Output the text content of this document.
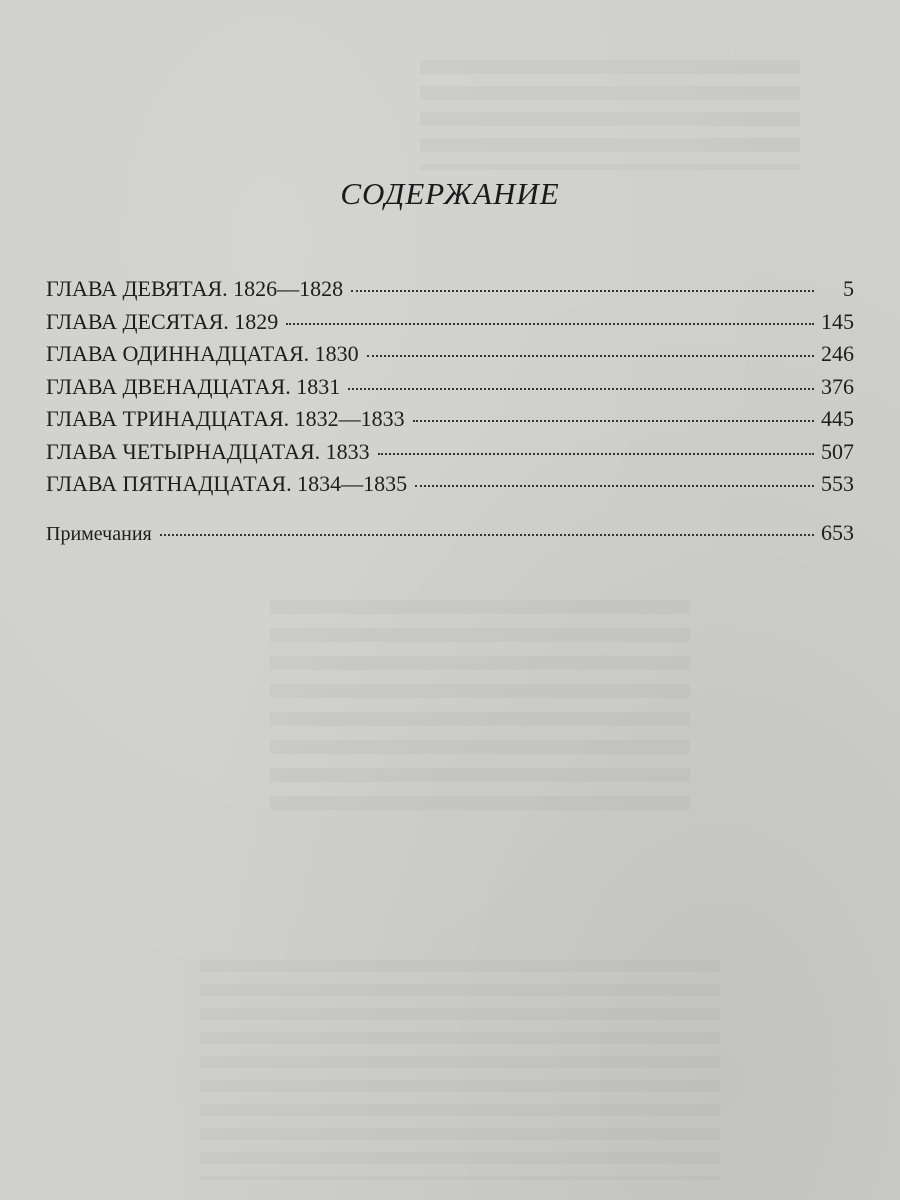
СОДЕРЖАНИЕ
ГЛАВА ДЕВЯТАЯ. 1826—1828	5
ГЛАВА ДЕСЯТАЯ. 1829	145
ГЛАВА ОДИННАДЦАТАЯ. 1830	246
ГЛАВА ДВЕНАДЦАТАЯ. 1831	376
ГЛАВА ТРИНАДЦАТАЯ. 1832—1833	445
ГЛАВА ЧЕТЫРНАДЦАТАЯ. 1833	507
ГЛАВА ПЯТНАДЦАТАЯ. 1834—1835	553
Примечания	653
